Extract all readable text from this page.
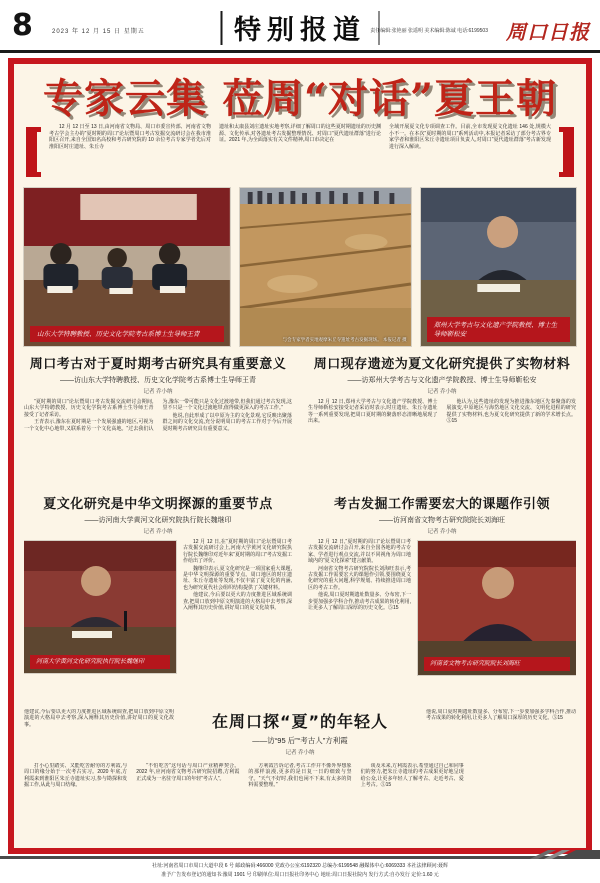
8	2023 年 12 月 15 日 星期五	特别报道 责任编辑:张艳丽 张遥明 美术编辑:陈诚 电话:6199503 周口日报
专家云集 莅周“对话”夏王朝
12 月 12 日至 13 日,由河南省文物局、周口市委宣传部、河南省文物考古学会主办的“夏时期的周口”论坛暨周口考古发掘交流研讨会在我市淮阳区召开,来自全国知名高校和考古研究院的 10 余位考古专家学者先后对淮阳区时庄遗址、朱丘寺
遗址和太康县刘庄遗址实地考察,详细了解周口的这些夏时期遗址的历史渊源、文化传承,对各遗址考古发掘整理情况、对周口“夏代遗址群落”进行论证。2021 年,为全面落实有关文件精神,周口市决定在
全域开展夏文化专项调查工作。目前,全市发现夏文化遗址 146 处,规模大小不一。在本次“夏时期的周口”系列活动中,本报记者采访了部分考古界专家学者和淮阳区朱丘寺遗址项目负责人,对周口“夏代遗址群落”考古新发现进行深入解读。
山东大学特聘教授、历史文化学院考古系博士生导师王青
与会专家学者实地观摩朱丘寺遗址考古发掘现场。 本报记者 摄
郑州大学考古与文化遗产学院教授、博士生导师靳松安
周口考古对于夏时期考古研究具有重要意义
——访山东大学特聘教授、历史文化学院考古系博士生导师王青
记者 乔小纳

“夏时期的周口”论坛暨周口考古发掘交流研讨会期间,山东大学特聘教授、历史文化学院考古系博士生导师王青接受了记者采访。

王青表示,豫东在夏时期是一个发展强盛的地区,可视为一个文化中心地带,又联系着另一个文化高地。“过去我们认为,豫东一带可能只是文化过渡地带,但我们通过考古发现,这里不只是一个文化过渡地带,值得做更深入的考古工作。”

他说,自此形成了以中原为主的文化景观,它反映出聚落群之间的文化交流,充分说明周口的考古工作对于今后开展夏时期考古研究具有重要意义。

周口现存遗迹为夏文化研究提供了实物材料
——访郑州大学考古与文化遗产学院教授、博士生导师靳松安
记者 乔小纳

12 月 12 日,郑州大学考古与文化遗产学院教授、博士生导师靳松安接受记者采访时表示,时庄遗址、朱丘寺遗址等一系列重要发现,把周口夏时期的聚落形态清晰地展现了出来。

他认为,这些遗址的发现为推进豫东地区先秦聚落的发展演变,中原地区与海岱地区文化交流、文明化进程的研究提供了实物材料,也为夏文化研究提供了新的学术增长点。⑤15

夏文化研究是中华文明探源的重要节点
——访河南大学黄河文化研究院执行院长魏继印
记者 乔小纳
河南大学黄河文化研究院执行院长魏继印

12 月 12 日,在“夏时期的周口”论坛暨周口考古发掘交流研讨会上,河南大学黄河文化研究院执行院长魏继印对近年来“夏时期的周口”考古发掘工作给出了评价。

魏继印表示,夏文化研究是一项国家重大课题,是中华文明探源的重要节点。周口地区的时庄遗址、朱丘寺遗址等发现,不仅丰富了夏文化的内涵,也为研究夏代社会组织结构提供了关键材料。

他建议,今后要以更大的力度推进区域系统调查,把周口放到中原文明演进的大格局中去考察,深入阐释其历史价值,讲好周口的夏文化故事。

考古发掘工作需要宏大的课题作引领
——访河南省文物考古研究院院长刘海旺
记者 乔小纳
河南省文物考古研究院院长刘海旺

12 月 12 日,“夏时期的周口”论坛暨周口考古发掘交流研讨会召开,来自全国各地的考古专家、学者进行观点交流,并以不同视角为周口地域内的“夏文化探索”建言献策。

河南省文物考古研究院院长刘海旺表示,考古发掘工作需要宏大的课题作引领,要围绕夏文化研究的重大问题,科学规划、持续推进周口地区的考古工作。

他说,周口夏时期遗址数量多、分布密,下一步要加强多学科合作,推动考古成果的转化利用,让更多人了解周口深厚的历史文化。⑤15

他建议,今后要以更大的力度推进区域系统调查,把周口放到中原文明演进的大格局中去考察,深入阐释其历史价值,讲好周口的夏文化故事。	在周口探“夏”的年轻人
——访“95 后”“考古人”方利霞
记者 乔小纳
他说,周口夏时期遗址数量多、分布密,下一步要加强多学科合作,推动考古成果的转化利用,让更多人了解周口深厚的历史文化。⑤15

打小心里踏实、又能吃苦耐劳的方利霞,与周口的缘分始于一次考古实习。2020 年底,方利霞来到淮阳区朱丘寺遗址实习,参与勘探和发掘工作,从此与周口结缘。

“不怕吃苦”这句话与周口产业精神契合。2022 年,应河南省文物考古研究院招聘,方利霞正式成为一名驻守周口的年轻“考古人”。

方利霞告诉记者,考古工作并不像外界想象的那样浪漫,更多的是日复一日的细致与坚守。“天气不好时,我们也闲不下来,有太多的资料需要整理。”

谈及未来,方利霞表示,希望通过自己和同事们的努力,把朱丘寺遗址的考古成果更好地呈现给公众,让更多年轻人了解考古、走近考古、爱上考古。⑤15

社址:河南省周口市周口大道中段 6 号 邮政编码:466000 党政办公室:6192320 总编办:6199548 融媒体中心:6069333 本社法律顾问:聂辉
准予广告发布登记的通知书:豫周 1901 号 印刷单位:周口日报社印务中心 地址:周口日报社院内 发行方式:自办发行 定价:1.60 元
